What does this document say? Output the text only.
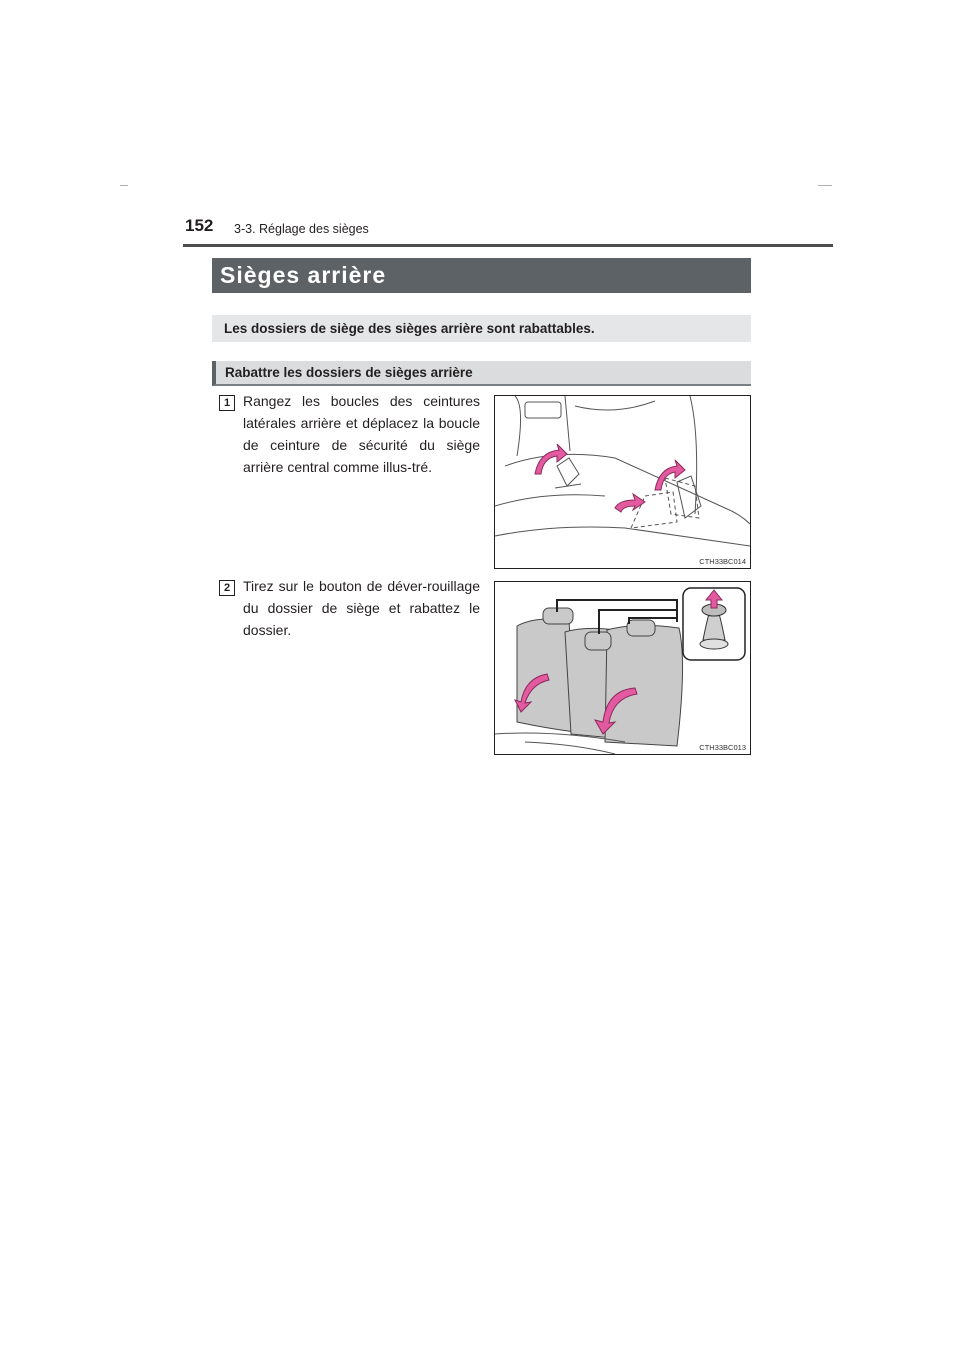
152 3-3. Réglage des sièges
Sièges arrière
Les dossiers de siège des sièges arrière sont rabattables.
Rabattre les dossiers de sièges arrière
1 Rangez les boucles des ceintures latérales arrière et déplacez la boucle de ceinture de sécurité du siège arrière central comme illus-tré.
CTH33BC014
2 Tirez sur le bouton de déver-rouillage du dossier de siège et rabattez le dossier.
CTH33BC013
